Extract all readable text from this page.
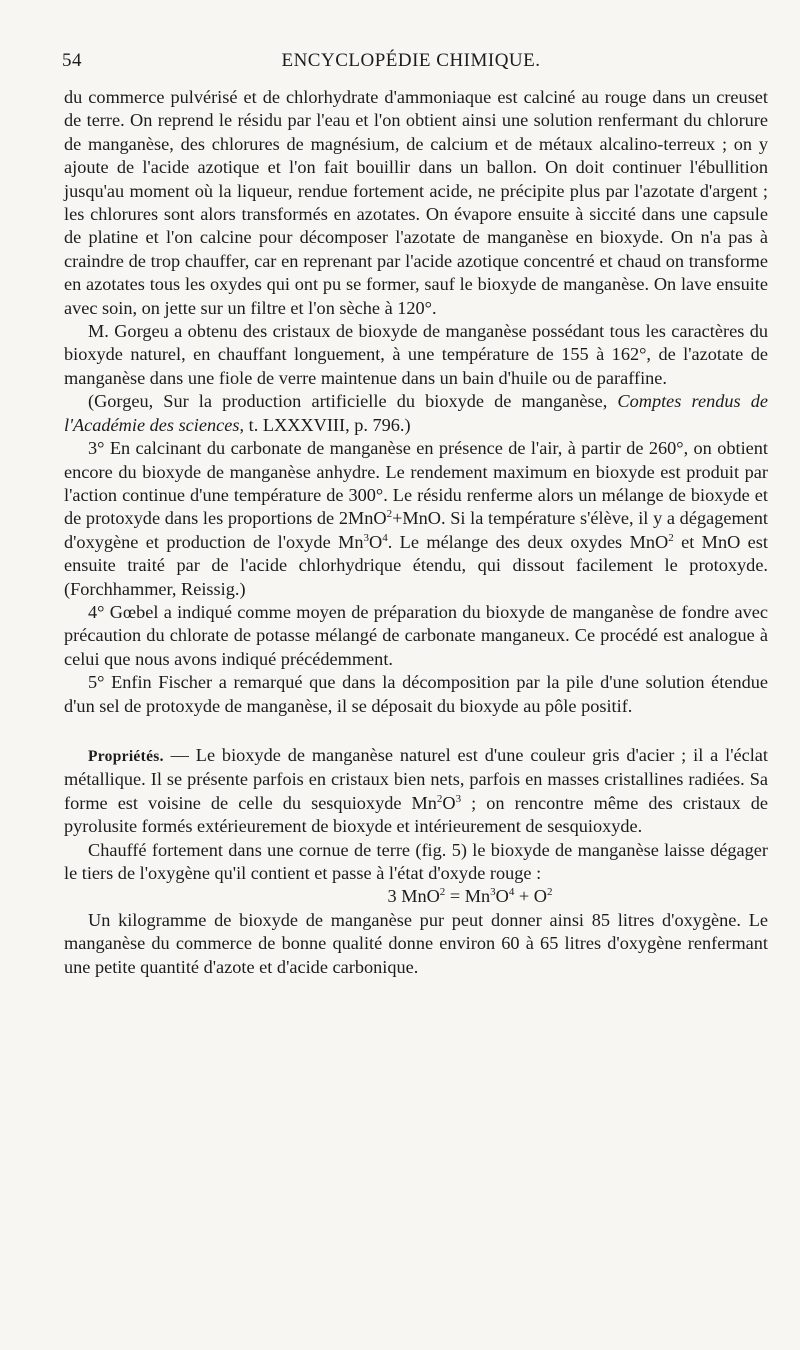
54	ENCYCLOPÉDIE CHIMIQUE.

du commerce pulvérisé et de chlorhydrate d'ammoniaque est calciné au rouge dans un creuset de terre. On reprend le résidu par l'eau et l'on obtient ainsi une solution renfermant du chlorure de manganèse, des chlorures de magnésium, de calcium et de métaux alcalino-terreux ; on y ajoute de l'acide azotique et l'on fait bouillir dans un ballon. On doit continuer l'ébullition jusqu'au moment où la liqueur, rendue fortement acide, ne précipite plus par l'azotate d'argent ; les chlorures sont alors transformés en azotates. On évapore ensuite à siccité dans une capsule de platine et l'on calcine pour décomposer l'azotate de manganèse en bioxyde. On n'a pas à craindre de trop chauffer, car en reprenant par l'acide azotique concentré et chaud on transforme en azotates tous les oxydes qui ont pu se former, sauf le bioxyde de manganèse. On lave ensuite avec soin, on jette sur un filtre et l'on sèche à 120°.

M. Gorgeu a obtenu des cristaux de bioxyde de manganèse possédant tous les caractères du bioxyde naturel, en chauffant longuement, à une température de 155 à 162°, de l'azotate de manganèse dans une fiole de verre maintenue dans un bain d'huile ou de paraffine.

(Gorgeu, Sur la production artificielle du bioxyde de manganèse, Comptes rendus de l'Académie des sciences, t. LXXXVIII, p. 796.)

3° En calcinant du carbonate de manganèse en présence de l'air, à partir de 260°, on obtient encore du bioxyde de manganèse anhydre. Le rendement maximum en bioxyde est produit par l'action continue d'une température de 300°. Le résidu renferme alors un mélange de bioxyde et de protoxyde dans les proportions de 2MnO$^2$+MnO. Si la température s'élève, il y a dégagement d'oxygène et production de l'oxyde $Mn^3O^4$. Le mélange des deux oxydes MnO$^2$ et MnO est ensuite traité par de l'acide chlorhydrique étendu, qui dissout facilement le protoxyde. (Forchhammer, Reissig.)

4° Gœbel a indiqué comme moyen de préparation du bioxyde de manganèse de fondre avec précaution du chlorate de potasse mélangé de carbonate manganeux. Ce procédé est analogue à celui que nous avons indiqué précédemment.

5° Enfin Fischer a remarqué que dans la décomposition par la pile d'une solution étendue d'un sel de protoxyde de manganèse, il se déposait du bioxyde au pôle positif.

Propriétés. — Le bioxyde de manganèse naturel est d'une couleur gris d'acier ; il a l'éclat métallique. Il se présente parfois en cristaux bien nets, parfois en masses cristallines radiées. Sa forme est voisine de celle du sesquioxyde $Mn^2O^3$ ; on rencontre même des cristaux de pyrolusite formés extérieurement de bioxyde et intérieurement de sesquioxyde.

Chauffé fortement dans une cornue de terre (fig. 5) le bioxyde de manganèse laisse dégager le tiers de l'oxygène qu'il contient et passe à l'état d'oxyde rouge :

3 $MnO^2 = Mn^3O^4 + O^2$

Un kilogramme de bioxyde de manganèse pur peut donner ainsi 85 litres d'oxygène. Le manganèse du commerce de bonne qualité donne environ 60 à 65 litres d'oxygène renfermant une petite quantité d'azote et d'acide carbonique.
